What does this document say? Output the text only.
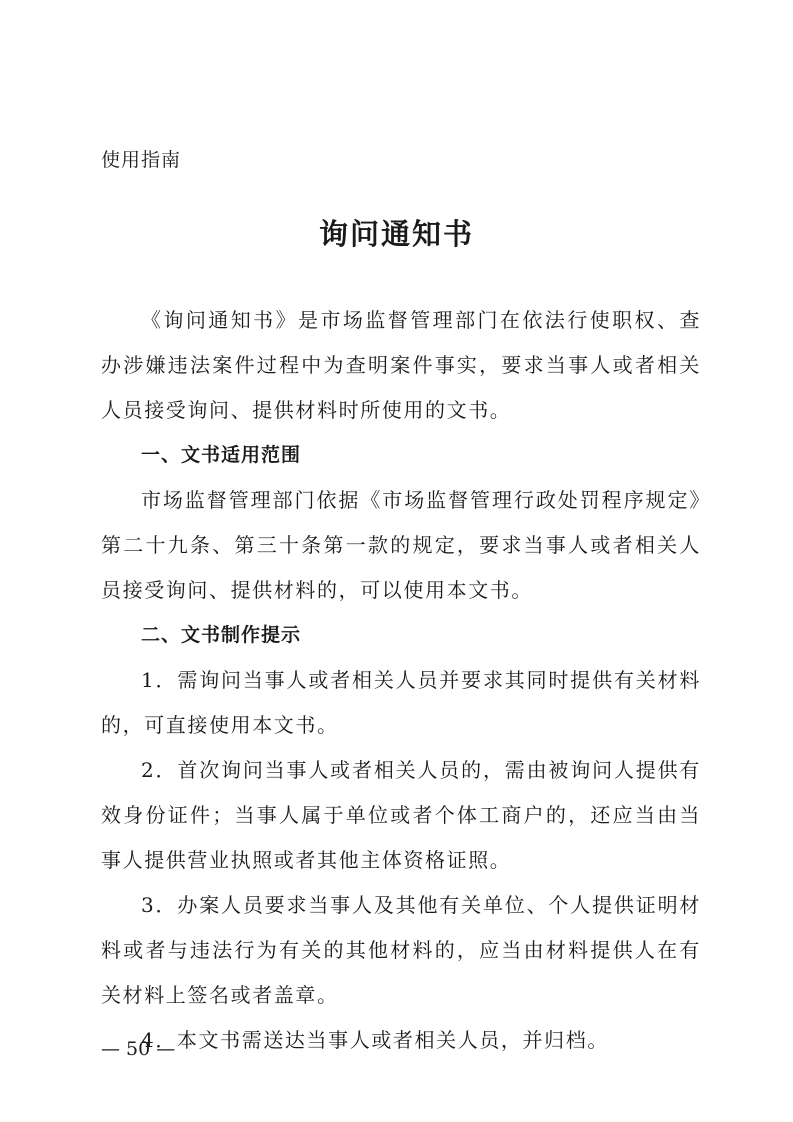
使用指南
询问通知书

《询问通知书》是市场监督管理部门在依法行使职权、查办涉嫌违法案件过程中为查明案件事实，要求当事人或者相关人员接受询问、提供材料时所使用的文书。

一、文书适用范围

市场监督管理部门依据《市场监督管理行政处罚程序规定》第二十九条、第三十条第一款的规定，要求当事人或者相关人员接受询问、提供材料的，可以使用本文书。

二、文书制作提示

1．需询问当事人或者相关人员并要求其同时提供有关材料的，可直接使用本文书。

2．首次询问当事人或者相关人员的，需由被询问人提供有效身份证件；当事人属于单位或者个体工商户的，还应当由当事人提供营业执照或者其他主体资格证照。

3．办案人员要求当事人及其他有关单位、个人提供证明材料或者与违法行为有关的其他材料的，应当由材料提供人在有关材料上签名或者盖章。

4．本文书需送达当事人或者相关人员，并归档。

— 50 —
